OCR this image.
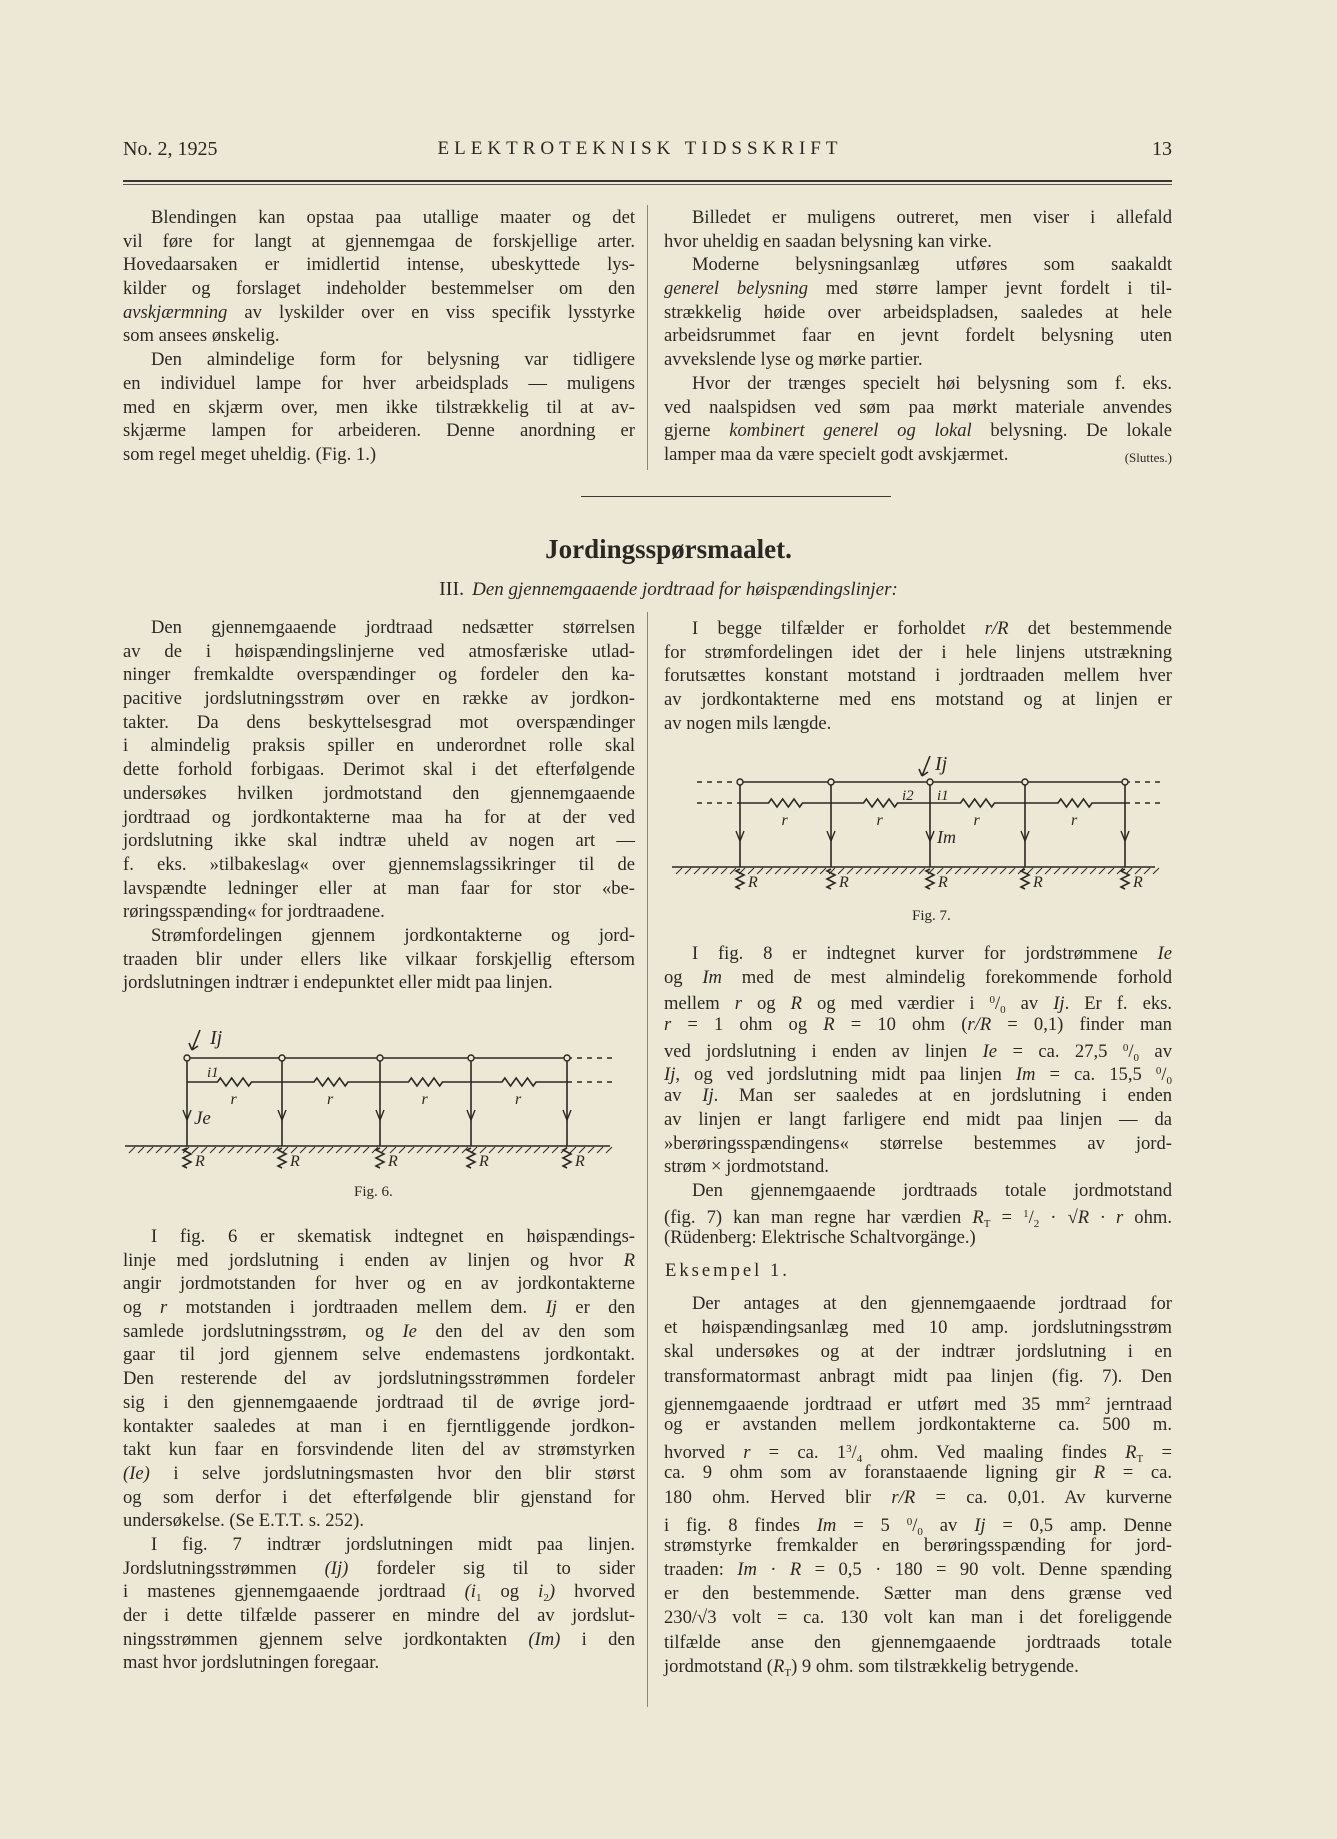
No. 2, 1925	ELEKTROTEKNISK TIDSSKRIFT	13
Blendingen kan opstaa paa utallige maater og det
vil føre for langt at gjennemgaa de forskjellige arter.
Hovedaarsaken er imidlertid intense, ubeskyttede lys-
kilder og forslaget indeholder bestemmelser om den
avskjærmning av lyskilder over en viss specifik lysstyrke
som ansees ønskelig.
Den almindelige form for belysning var tidligere
en individuel lampe for hver arbeidsplads — muligens
med en skjærm over, men ikke tilstrækkelig til at av-
skjærme lampen for arbeideren. Denne anordning er
som regel meget uheldig. (Fig. 1.)
Billedet er muligens outreret, men viser i allefald
hvor uheldig en saadan belysning kan virke.
Moderne belysningsanlæg utføres som saakaldt
generel belysning med større lamper jevnt fordelt i til-
strækkelig høide over arbeidspladsen, saaledes at hele
arbeidsrummet faar en jevnt fordelt belysning uten
avvekslende lyse og mørke partier.
Hvor der trænges specielt høi belysning som f. eks.
ved naalspidsen ved søm paa mørkt materiale anvendes
gjerne kombinert generel og lokal belysning. De lokale
lamper maa da være specielt godt avskjærmet.	(Sluttes.)
Jordingsspørsmaalet.
III. Den gjennemgaaende jordtraad for høispændingslinjer:
Den gjennemgaaende jordtraad nedsætter størrelsen
av de i høispændingslinjerne ved atmosfæriske utlad-
ninger fremkaldte overspændinger og fordeler den ka-
pacitive jordslutningsstrøm over en række av jordkon-
takter. Da dens beskyttelsesgrad mot overspændinger
i almindelig praksis spiller en underordnet rolle skal
dette forhold forbigaas. Derimot skal i det efterfølgende
undersøkes hvilken jordmotstand den gjennemgaaende
jordtraad og jordkontakterne maa ha for at der ved
jordslutning ikke skal indtræ uheld av nogen art —
f. eks. »tilbakeslag« over gjennemslagssikringer til de
lavspændte ledninger eller at man faar for stor «be-
røringsspænding« for jordtraadene.
Strømfordelingen gjennem jordkontakterne og jord-
traaden blir under ellers like vilkaar forskjellig eftersom
jordslutningen indtrær i endepunktet eller midt paa linjen.
I fig. 6 er skematisk indtegnet en høispændings-
linje med jordslutning i enden av linjen og hvor R
angir jordmotstanden for hver og en av jordkontakterne
og r motstanden i jordtraaden mellem dem. Ij er den
samlede jordslutningsstrøm, og Ie den del av den som
gaar til jord gjennem selve endemastens jordkontakt.
Den resterende del av jordslutningsstrømmen fordeler
sig i den gjennemgaaende jordtraad til de øvrige jord-
kontakter saaledes at man i en fjerntliggende jordkon-
takt kun faar en forsvindende liten del av strømstyrken
(Ie) i selve jordslutningsmasten hvor den blir størst
og som derfor i det efterfølgende blir gjenstand for
undersøkelse. (Se E.T.T. s. 252).
I fig. 7 indtrær jordslutningen midt paa linjen.
Jordslutningsstrømmen (Ij) fordeler sig til to sider
i mastenes gjennemgaaende jordtraad ($i_1$ og $i_2$) hvorved
der i dette tilfælde passerer en mindre del av jordslut-
ningsstrømmen gjennem selve jordkontakten (Im) i den
mast hvor jordslutningen foregaar.
I begge tilfælder er forholdet r/R det bestemmende
for strømfordelingen idet der i hele linjens utstrækning
forutsættes konstant motstand i jordtraaden mellem hver
av jordkontakterne med ens motstand og at linjen er
av nogen mils længde.
I fig. 8 er indtegnet kurver for jordstrømmene Ie
og Im med de mest almindelig forekommende forhold
mellem r og R og med værdier i $^0/_0$ av Ij. Er f. eks.
r = 1 ohm og R = 10 ohm (r/R = 0,1) finder man
ved jordslutning i enden av linjen Ie = ca. 27,5 $^0/_0$ av
Ij, og ved jordslutning midt paa linjen Im = ca. 15,5 $^0/_0$
av Ij. Man ser saaledes at en jordslutning i enden
av linjen er langt farligere end midt paa linjen — da
»berøringsspændingens« størrelse bestemmes av jord-
strøm × jordmotstand.
Den gjennemgaaende jordtraads totale jordmotstand
(fig. 7) kan man regne har værdien $R_T = ^1/_2 \cdot √R \cdot r$ ohm.
(Rüdenberg: Elektrische Schaltvorgänge.)
Eksempel 1.
Der antages at den gjennemgaaende jordtraad for
et høispændingsanlæg med 10 amp. jordslutningsstrøm
skal undersøkes og at der indtrær jordslutning i en
transformatormast anbragt midt paa linjen (fig. 7). Den
gjennemgaaende jordtraad er utført med 35 $mm^2$ jerntraad
og er avstanden mellem jordkontakterne ca. 500 m.
hvorved r = ca. $1^3/_4$ ohm. Ved maaling findes $R_T$ =
ca. 9 ohm som av foranstaaende ligning gir R = ca.
180 ohm. Herved blir r/R = ca. 0,01. Av kurverne
i fig. 8 findes Im = 5 $^0/_0$ av Ij = 0,5 amp. Denne
strømstyrke fremkalder en berøringsspænding for jord-
traaden: Im · R = 0,5 · 180 = 90 volt. Denne spænding
er den bestemmende. Sætter man dens grænse ved
230/√3 volt = ca. 130 volt kan man i det foreliggende
tilfælde anse den gjennemgaaende jordtraads totale
jordmotstand $(R_T)$ 9 ohm. som tilstrækkelig betrygende.
r	r	r	r
R	R	R	R	R
r	r	r	r
R	R	R	R	R
Ij
i1
Je
Fig. 6.
Ij
i2 i1
Im
Fig. 7.
